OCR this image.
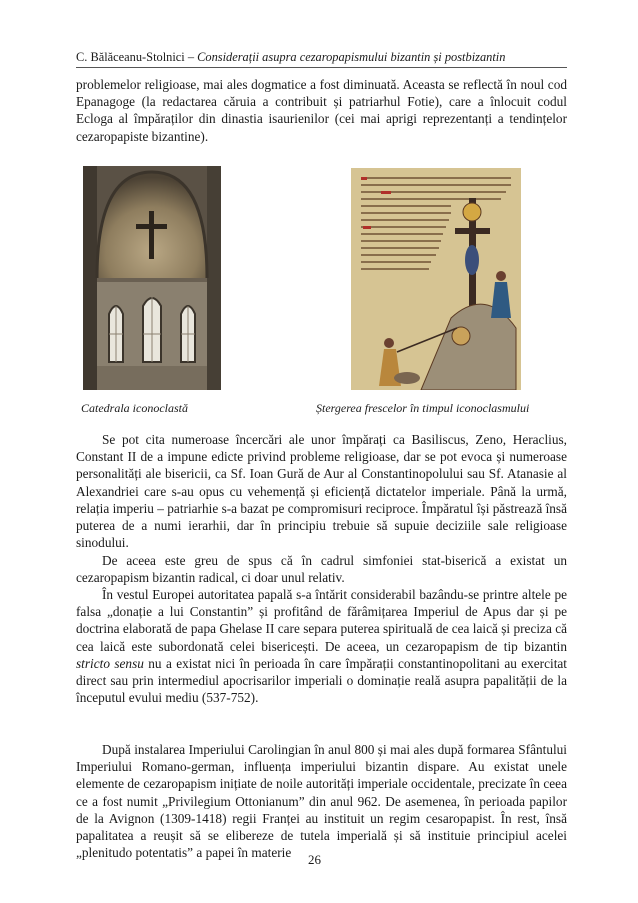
C. Bălăceanu-Stolnici – Considerații asupra cezaropapismului bizantin și postbizantin

problemelor religioase, mai ales dogmatice a fost diminuată. Aceasta se reflectă în noul cod Epanagoge (la redactarea căruia a contribuit și patriarhul Fotie), care a înlocuit codul Ecloga al împăraților din dinastia isaurienilor (cei mai aprigi reprezentanți a tendințelor cezaropapiste bizantine).

Catedrala iconoclastă	Ștergerea frescelor în timpul iconoclasmului

Se pot cita numeroase încercări ale unor împărați ca Basiliscus, Zeno, Heraclius, Constant II de a impune edicte privind probleme religioase, dar se pot evoca și numeroase personalități ale bisericii, ca Sf. Ioan Gură de Aur al Constantinopolului sau Sf. Atanasie al Alexandriei care s-au opus cu vehemență și eficiență dictatelor imperiale. Până la urmă, relația imperiu – patriarhie s-a bazat pe compromisuri reciproce. Împăratul își păstrează însă puterea de a numi ierarhii, dar în principiu trebuie să supuie deciziile sale religioase sinodului.

De aceea este greu de spus că în cadrul simfoniei stat-biserică a existat un cezaropapism bizantin radical, ci doar unul relativ.

În vestul Europei autoritatea papală s-a întărit considerabil bazându-se printre altele pe falsa „donație a lui Constantin” și profitând de fărâmițarea Imperiul de Apus dar și pe doctrina elaborată de papa Ghelase II care separa puterea spirituală de cea laică și preciza că cea laică este subordonată celei bisericești. De aceea, un cezaropapism de tip bizantin stricto sensu nu a existat nici în perioada în care împărații constantinopolitani au exercitat direct sau prin intermediul apocrisarilor imperiali o dominație reală asupra papalității de la începutul evului mediu (537-752).

După instalarea Imperiului Carolingian în anul 800 și mai ales după formarea Sfântului Imperiului Romano-german, influența imperiului bizantin dispare. Au existat unele elemente de cezaropapism inițiate de noile autorități imperiale occidentale, precizate în ceea ce a fost numit „Privilegium Ottonianum” din anul 962. De asemenea, în perioada papilor de la Avignon (1309-1418) regii Franței au instituit un regim cesaropapist. În rest, însă papalitatea a reușit să se elibereze de tutela imperială și să instituie principiul acelei „plenitudo potentatis” a papei în materie	26
